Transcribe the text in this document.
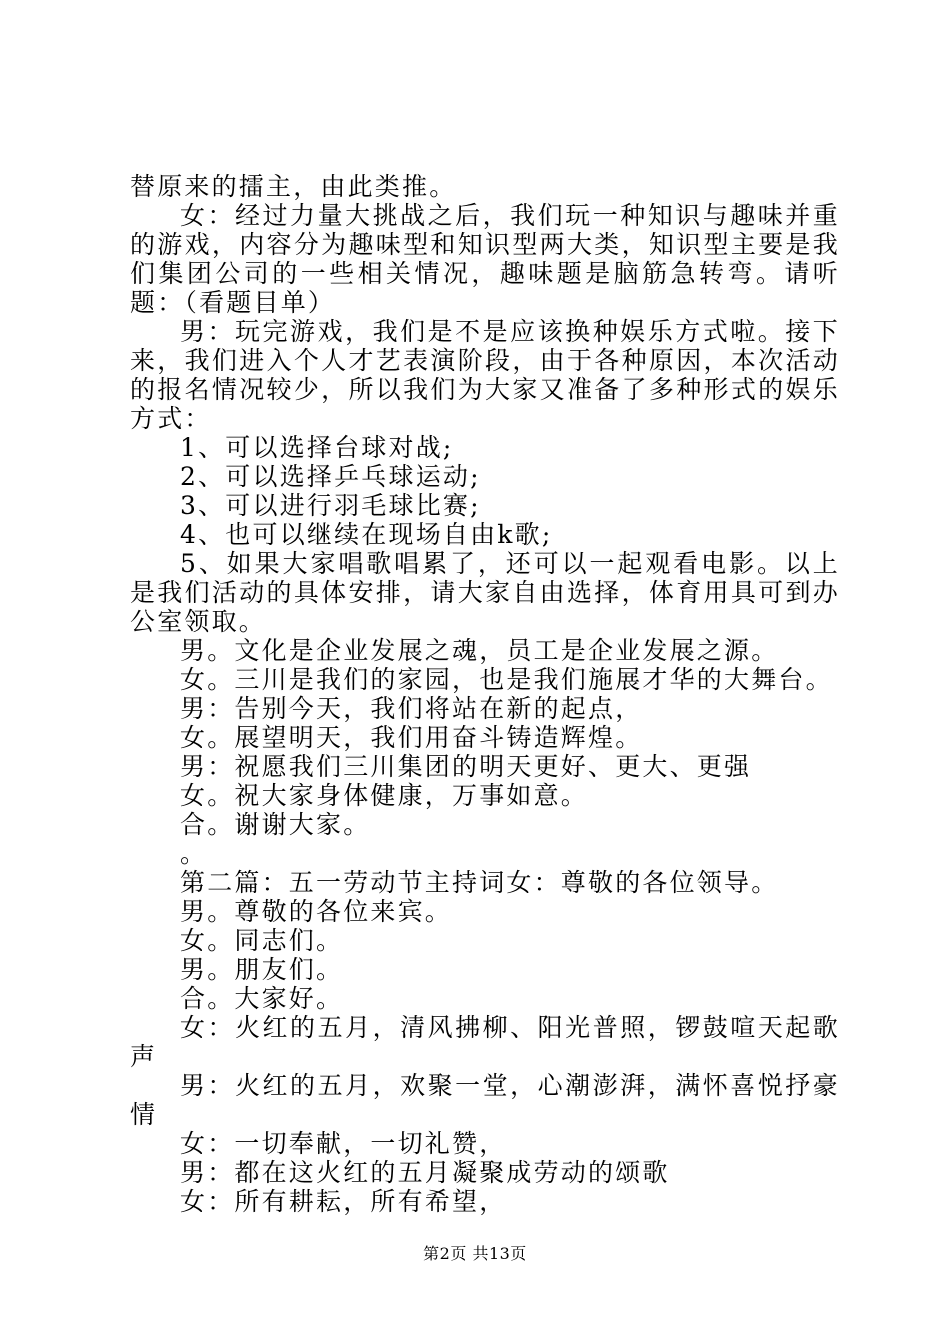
替原来的擂主，由此类推。

女：经过力量大挑战之后，我们玩一种知识与趣味并重的游戏，内容分为趣味型和知识型两大类，知识型主要是我们集团公司的一些相关情况，趣味题是脑筋急转弯。请听题：（看题目单）

男：玩完游戏，我们是不是应该换种娱乐方式啦。接下来，我们进入个人才艺表演阶段，由于各种原因，本次活动的报名情况较少，所以我们为大家又准备了多种形式的娱乐方式：

1、可以选择台球对战;

2、可以选择乒乓球运动;

3、可以进行羽毛球比赛;

4、也可以继续在现场自由k歌;

5、如果大家唱歌唱累了，还可以一起观看电影。以上是我们活动的具体安排，请大家自由选择，体育用具可到办公室领取。

男。文化是企业发展之魂，员工是企业发展之源。

女。三川是我们的家园，也是我们施展才华的大舞台。

男：告别今天，我们将站在新的起点，

女。展望明天，我们用奋斗铸造辉煌。

男：祝愿我们三川集团的明天更好、更大、更强

女。祝大家身体健康，万事如意。

合。谢谢大家。

。

第二篇：五一劳动节主持词女：尊敬的各位领导。

男。尊敬的各位来宾。

女。同志们。

男。朋友们。

合。大家好。

女：火红的五月，清风拂柳、阳光普照，锣鼓喧天起歌声

男：火红的五月，欢聚一堂，心潮澎湃，满怀喜悦抒豪情

女：一切奉献，一切礼赞，

男：都在这火红的五月凝聚成劳动的颂歌

女：所有耕耘，所有希望，

第2页 共13页
